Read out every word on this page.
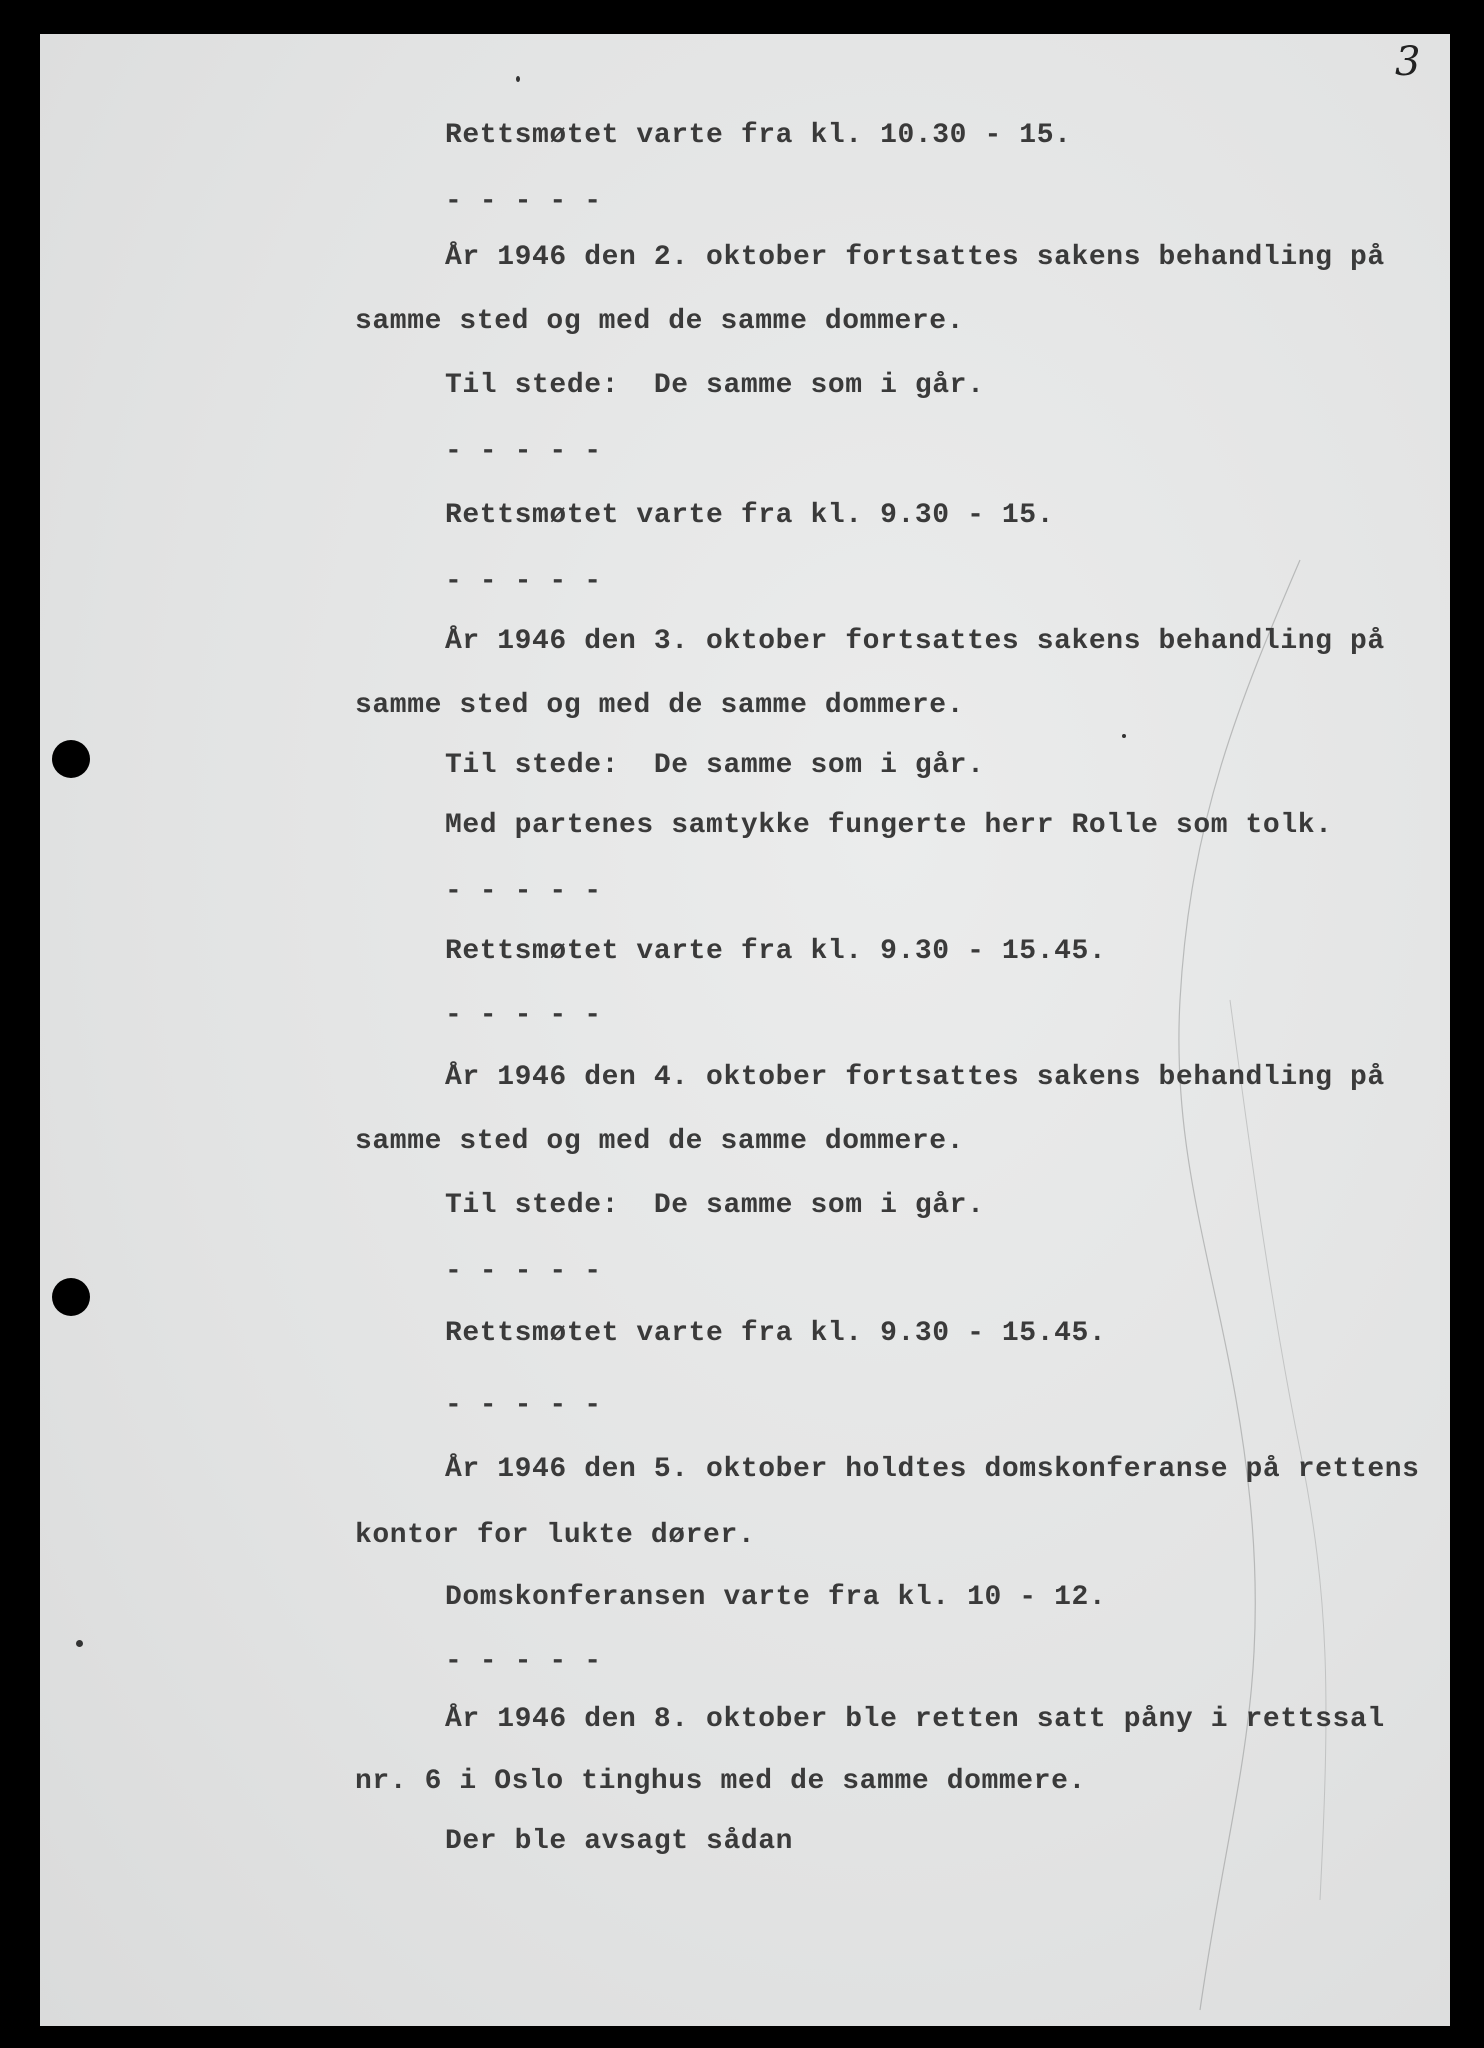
3

Rettsmøtet varte fra kl. 10.30 - 15.

- - - - -

År 1946 den 2. oktober fortsattes sakens behandling på

samme sted og med de samme dommere.

Til stede:  De samme som i går.

- - - - -

Rettsmøtet varte fra kl. 9.30 - 15.

- - - - -

År 1946 den 3. oktober fortsattes sakens behandling på

samme sted og med de samme dommere.

Til stede:  De samme som i går.

Med partenes samtykke fungerte herr Rolle som tolk.

- - - - -

Rettsmøtet varte fra kl. 9.30 - 15.45.

- - - - -

År 1946 den 4. oktober fortsattes sakens behandling på

samme sted og med de samme dommere.

Til stede:  De samme som i går.

- - - - -

Rettsmøtet varte fra kl. 9.30 - 15.45.

- - - - -

År 1946 den 5. oktober holdtes domskonferanse på rettens

kontor for lukte dører.

Domskonferansen varte fra kl. 10 - 12.

- - - - -

År 1946 den 8. oktober ble retten satt påny i rettssal

nr. 6 i Oslo tinghus med de samme dommere.

Der ble avsagt sådan
